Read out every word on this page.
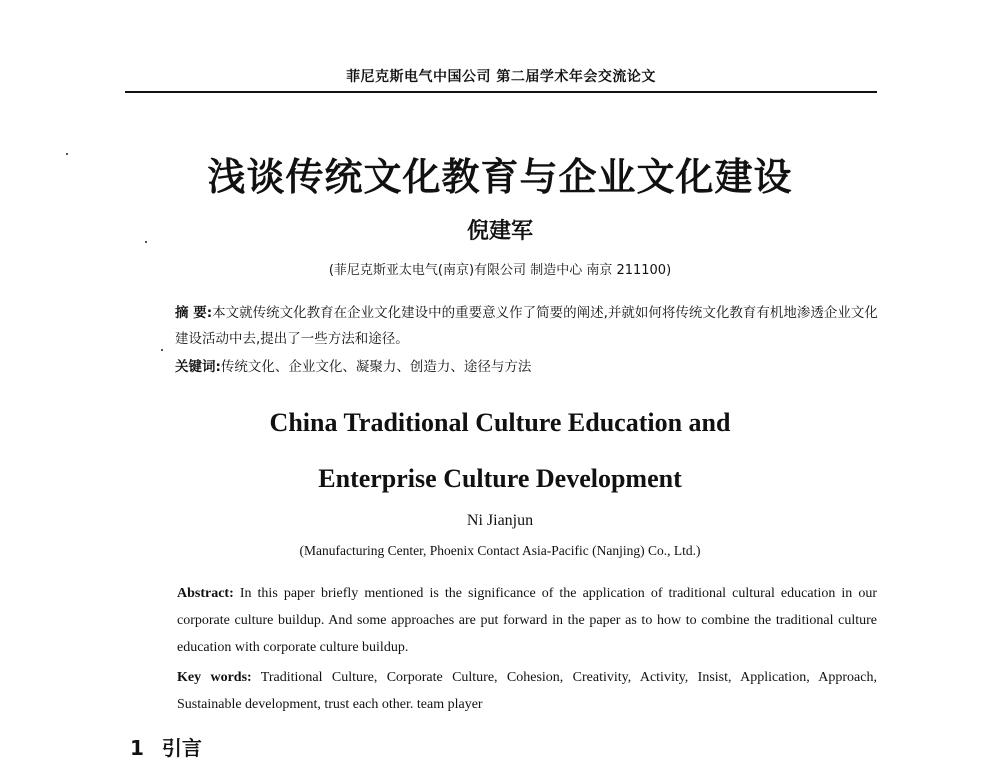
菲尼克斯电气中国公司 第二届学术年会交流论文
浅谈传统文化教育与企业文化建设
倪建军
(菲尼克斯亚太电气(南京)有限公司 制造中心 南京 211100)
摘 要:本文就传统文化教育在企业文化建设中的重要意义作了简要的阐述,并就如何将传统文化教育有机地渗透企业文化建设活动中去,提出了一些方法和途径。
关键词:传统文化、企业文化、凝聚力、创造力、途径与方法
China Traditional Culture Education and
Enterprise Culture Development
Ni Jianjun
(Manufacturing Center, Phoenix Contact Asia-Pacific (Nanjing) Co., Ltd.)
Abstract: In this paper briefly mentioned is the significance of the application of traditional cultural education in our corporate culture buildup. And some approaches are put forward in the paper as to how to combine the traditional culture education with corporate culture buildup.
Key words: Traditional Culture, Corporate Culture, Cohesion, Creativity, Activity, Insist, Application, Approach, Sustainable development, trust each other. team player
1 引言
